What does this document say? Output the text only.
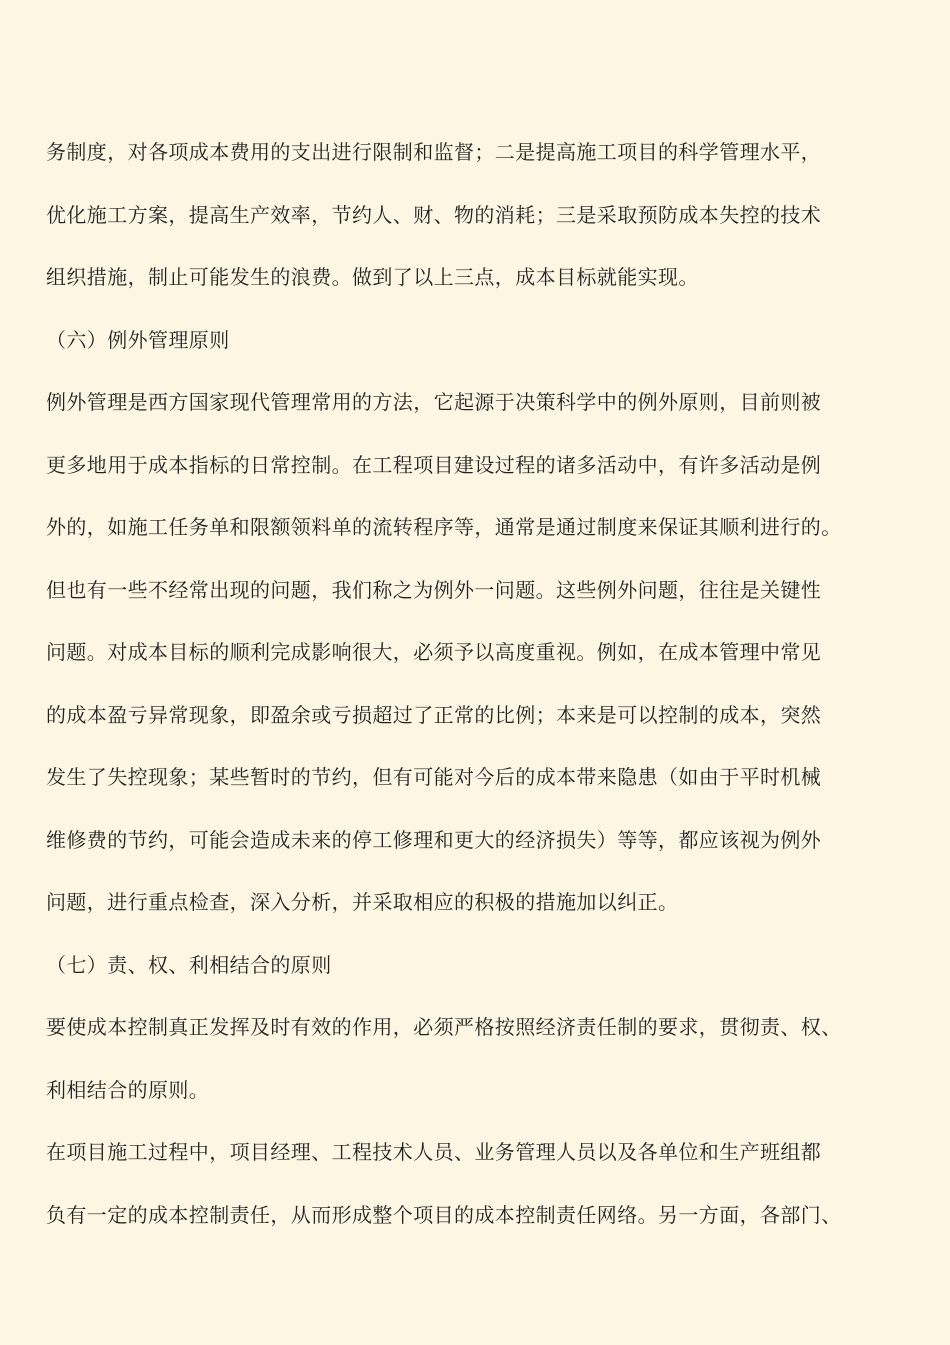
务制度，对各项成本费用的支出进行限制和监督；二是提高施工项目的科学管理水平，
优化施工方案，提高生产效率，节约人、财、物的消耗；三是采取预防成本失控的技术
组织措施，制止可能发生的浪费。做到了以上三点，成本目标就能实现。
（六）例外管理原则
例外管理是西方国家现代管理常用的方法，它起源于决策科学中的例外原则，目前则被
更多地用于成本指标的日常控制。在工程项目建设过程的诸多活动中，有许多活动是例
外的，如施工任务单和限额领料单的流转程序等，通常是通过制度来保证其顺利进行的。
但也有一些不经常出现的问题，我们称之为例外一问题。这些例外问题，往往是关键性
问题。对成本目标的顺利完成影响很大，必须予以高度重视。例如，在成本管理中常见
的成本盈亏异常现象，即盈余或亏损超过了正常的比例；本来是可以控制的成本，突然
发生了失控现象；某些暂时的节约，但有可能对今后的成本带来隐患（如由于平时机械
维修费的节约，可能会造成未来的停工修理和更大的经济损失）等等，都应该视为例外
问题，进行重点检查，深入分析，并采取相应的积极的措施加以纠正。
（七）责、权、利相结合的原则
要使成本控制真正发挥及时有效的作用，必须严格按照经济责任制的要求，贯彻责、权、
利相结合的原则。
在项目施工过程中，项目经理、工程技术人员、业务管理人员以及各单位和生产班组都
负有一定的成本控制责任，从而形成整个项目的成本控制责任网络。另一方面，各部门、
